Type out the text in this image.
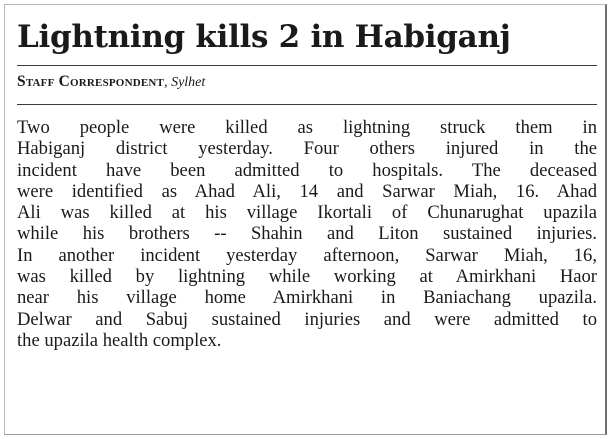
Lightning kills 2 in Habiganj
Staff Correspondent, Sylhet
Two people were killed as lightning struck them in
Habiganj district yesterday. Four others injured in the
incident have been admitted to hospitals. The deceased
were identified as Ahad Ali, 14 and Sarwar Miah, 16. Ahad
Ali was killed at his village Ikortali of Chunarughat upazila
while his brothers -- Shahin and Liton sustained injuries.
In another incident yesterday afternoon, Sarwar Miah, 16,
was killed by lightning while working at Amirkhani Haor
near his village home Amirkhani in Baniachang upazila.
Delwar and Sabuj sustained injuries and were admitted to
the upazila health complex.
